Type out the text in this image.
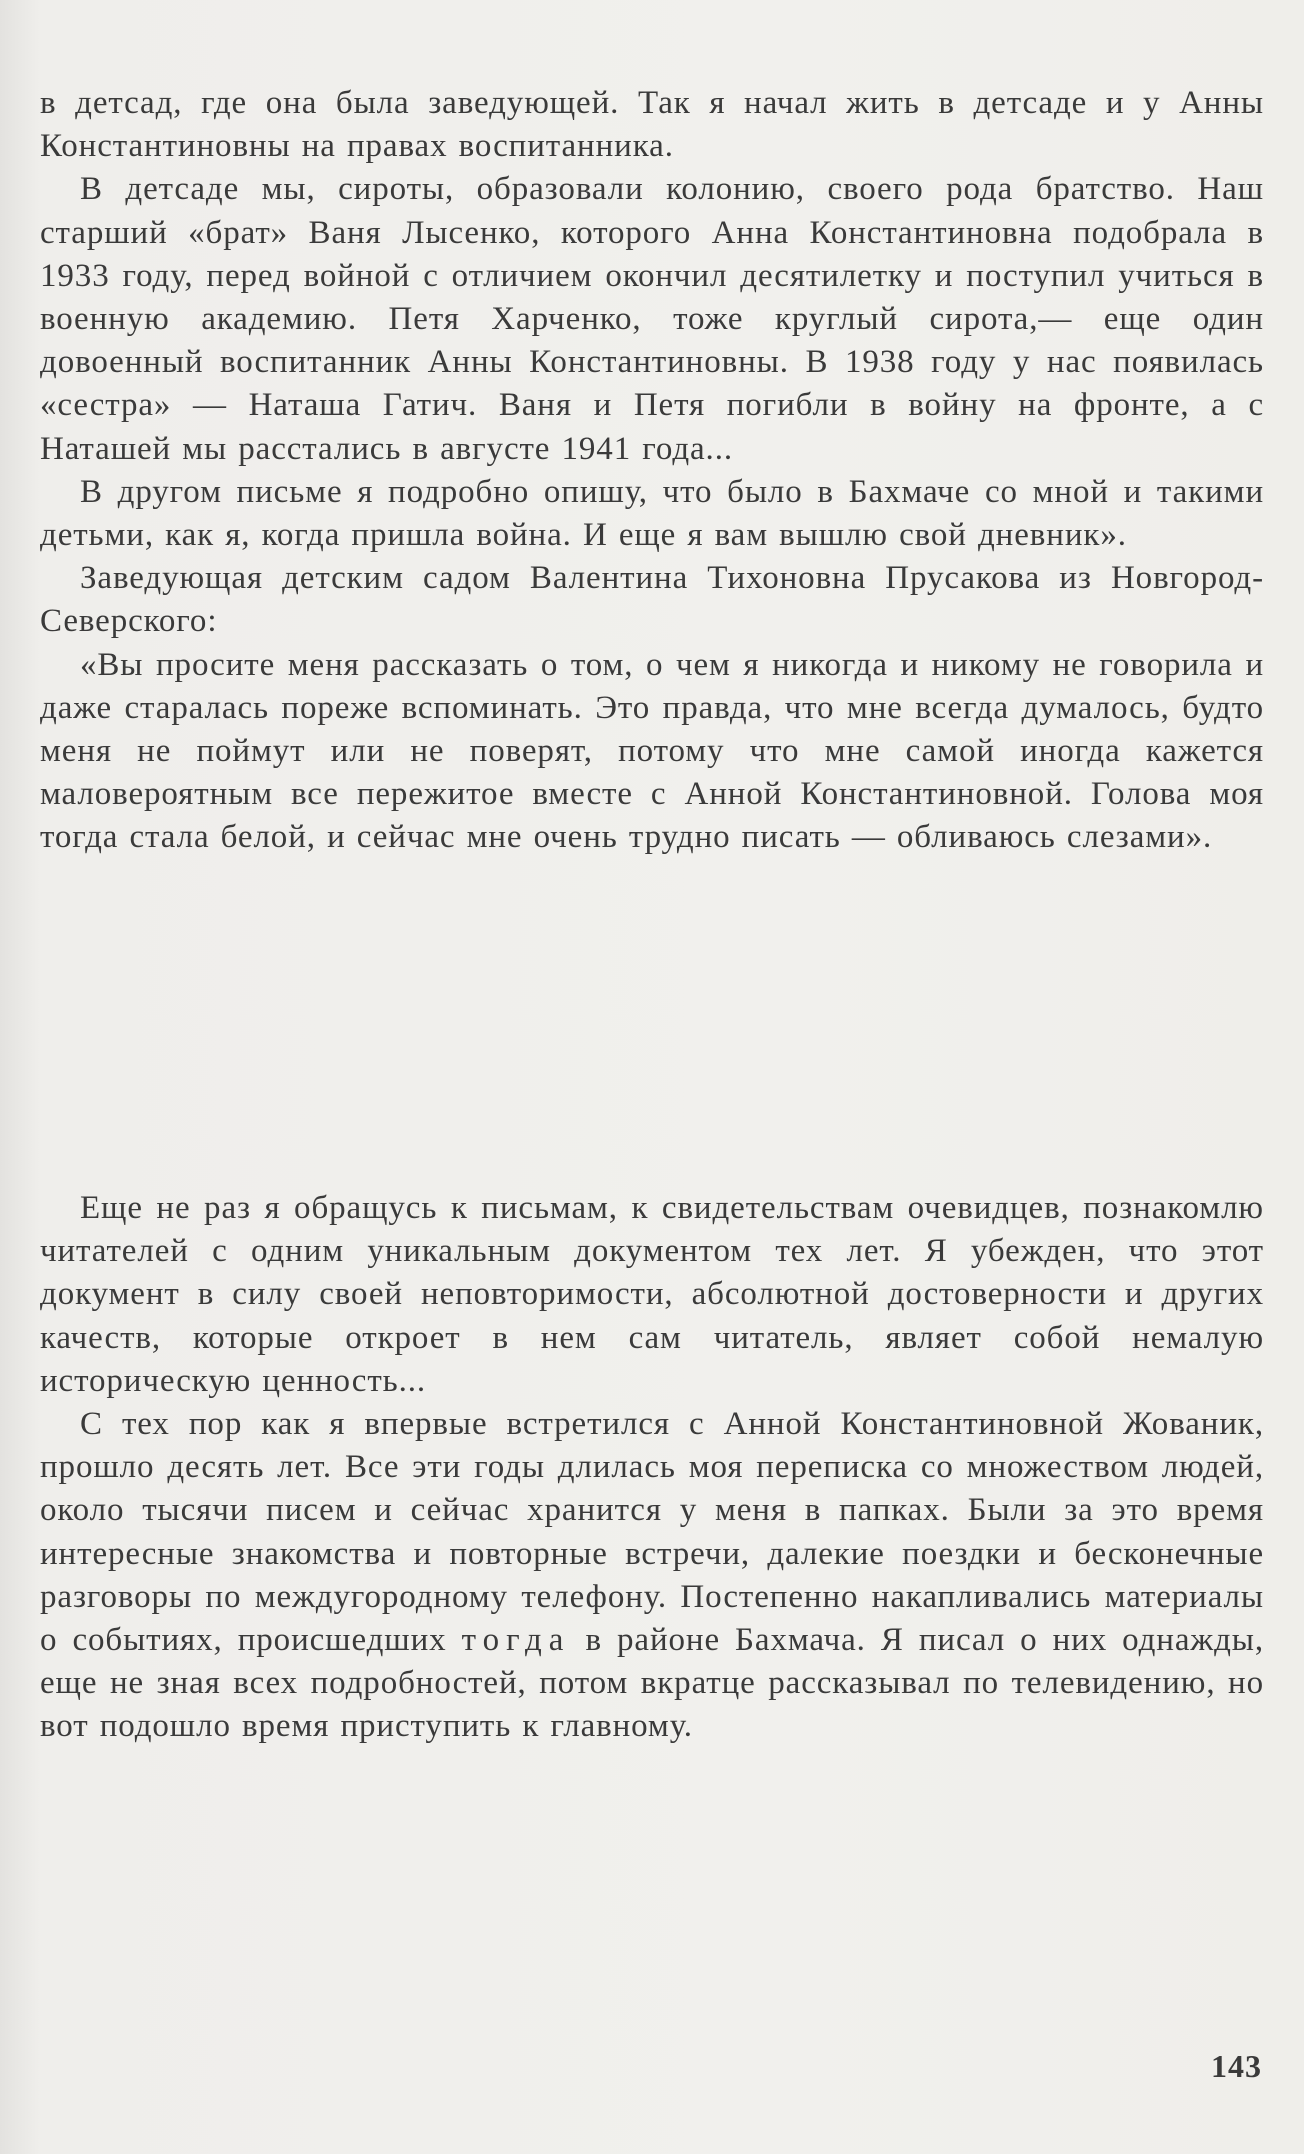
в детсад, где она была заведующей. Так я начал жить в детсаде и у Анны Константиновны на правах воспитанника.

В детсаде мы, сироты, образовали колонию, своего рода братство. Наш старший «брат» Ваня Лысенко, которого Анна Константиновна подобрала в 1933 году, перед войной с отличием окончил десятилетку и поступил учиться в военную академию. Петя Харченко, тоже круглый сирота,— еще один довоенный воспитанник Анны Константиновны. В 1938 году у нас появилась «сестра» — Наташа Гатич. Ваня и Петя погибли в войну на фронте, а с Наташей мы расстались в августе 1941 года...

В другом письме я подробно опишу, что было в Бахмаче со мной и такими детьми, как я, когда пришла война. И еще я вам вышлю свой дневник».

Заведующая детским садом Валентина Тихоновна Прусакова из Новгород-Северского:

«Вы просите меня рассказать о том, о чем я никогда и никому не говорила и даже старалась пореже вспоминать. Это правда, что мне всегда думалось, будто меня не поймут или не поверят, потому что мне самой иногда кажется маловероятным все пережитое вместе с Анной Константиновной. Голова моя тогда стала белой, и сейчас мне очень трудно писать — обливаюсь слезами».

Еще не раз я обращусь к письмам, к свидетельствам очевидцев, познакомлю читателей с одним уникальным документом тех лет. Я убежден, что этот документ в силу своей неповторимости, абсолютной достоверности и других качеств, которые откроет в нем сам читатель, являет собой немалую историческую ценность...

С тех пор как я впервые встретился с Анной Константиновной Жованик, прошло десять лет. Все эти годы длилась моя переписка со множеством людей, около тысячи писем и сейчас хранится у меня в папках. Были за это время интересные знакомства и повторные встречи, далекие поездки и бесконечные разговоры по междугородному телефону. Постепенно накапливались материалы о событиях, происшедших тогда в районе Бахмача. Я писал о них однажды, еще не зная всех подробностей, потом вкратце рассказывал по телевидению, но вот подошло время приступить к главному.

143
